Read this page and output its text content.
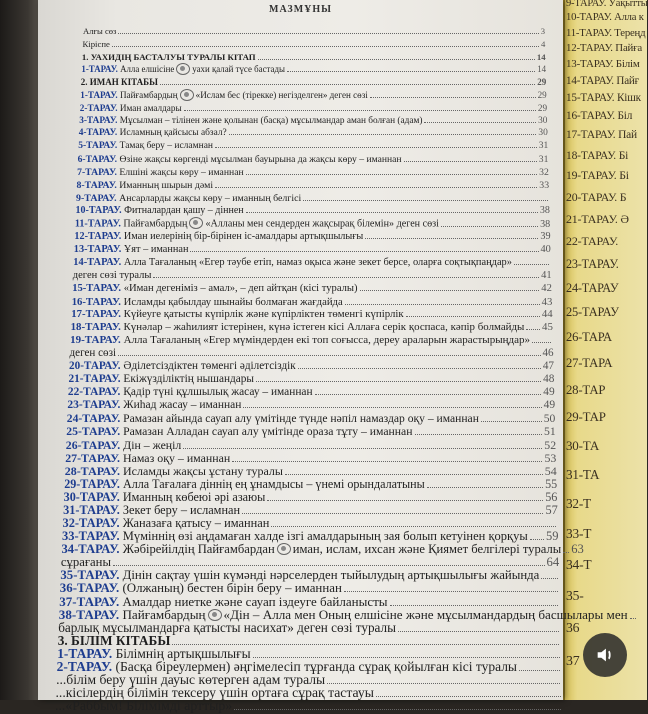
9-ТАРАУ. Уақытты
10-ТАРАУ. Алла к
11-ТАРАУ. Тереңд
12-ТАРАУ. Пайға
13-ТАРАУ. Білім
14-ТАРАУ. Пайғ
15-ТАРАУ. Кішк
16-ТАРАУ. Біл
17-ТАРАУ. Пай
18-ТАРАУ. Бі
19-ТАРАУ. Бі
20-ТАРАУ. Б
21-ТАРАУ. Ә
22-ТАРАУ.
23-ТАРАУ.
24-ТАРАУ
25-ТАРАУ
26-ТАРА
27-ТАРА
28-ТАР
29-ТАР
30-ТА
31-ТА
32-Т
33-Т
34-Т
35-
36
37
МАЗМҰНЫ
Алғы сөз	3
Кіріспе	4
1. УАХИДІҢ БАСТАЛУЫ ТУРАЛЫ КІТАП	14
1-ТАРАУ. Алла елшісіне уахи қалай түсе бастады	14
2. ИМАН КІТАБЫ	29
1-ТАРАУ. Пайғамбардың «Ислам бес (тірекке) негізделген» деген сөзі	29
2-ТАРАУ. Иман амалдары	29
3-ТАРАУ. Мұсылман – тілінен және қолынан (басқа) мұсылмандар аман болған (адам)	30
4-ТАРАУ. Исламның қайсысы абзал?	30
5-ТАРАУ. Тамақ беру – исламнан	31
6-ТАРАУ. Өзіне жақсы көргенді мұсылман бауырына да жақсы көру – иманнан	31
7-ТАРАУ. Елшіні жақсы көру – иманнан	32
8-ТАРАУ. Иманның шырын дәмі	33
9-ТАРАУ. Ансарларды жақсы көру – иманның белгісі
10-ТАРАУ. Фитналардан қашу – діннен	38
11-ТАРАУ. Пайғамбардың «Алланы мен сендерден жақсырақ білемін» деген сөзі	38
12-ТАРАУ. Иман иелерінің бір-бірінен іс-амалдары артықшылығы	39
13-ТАРАУ. Ұят – иманнан	40
14-ТАРАУ. Алла Тағаланың «Егер тәубе етіп, намаз оқыса және зекет берсе, оларға соқтықпаңдар»
деген сөзі туралы	41
15-ТАРАУ. «Иман дегеніміз – амал», – деп айтқан (кісі туралы)	42
16-ТАРАУ. Исламды қабылдау шынайы болмаған жағдайда	43
17-ТАРАУ. Күйеуге қатысты күпірлік және күпірліктен төменгі күпірлік	44
18-ТАРАУ. Күнәлар – жаһилият істерінен, күнә істеген кісі Аллаға серік қоспаса, кәпір болмайды 45
19-ТАРАУ. Алла Тағаланың «Егер мүміндерден екі топ соғысса, дереу араларын жарастырыңдар»
деген сөзі	46
20-ТАРАУ. Әділетсіздіктен төменгі әділетсіздік	47
21-ТАРАУ. Екіжүзділіктің нышандары	48
22-ТАРАУ. Қадір түні құлшылық жасау – иманнан	49
23-ТАРАУ. Жиһад жасау – иманнан	49
24-ТАРАУ. Рамазан айында сауап алу үмітінде түнде нәпіл намаздар оқу – иманнан	50
25-ТАРАУ. Рамазан Алладан сауап алу үмітінде ораза тұту – иманнан	51
26-ТАРАУ. Дін – жеңіл	52
27-ТАРАУ. Намаз оқу – иманнан	53
28-ТАРАУ. Исламды жақсы ұстану туралы	54
29-ТАРАУ. Алла Тағалаға діннің ең ұнамдысы – үнемі орындалатыны	55
30-ТАРАУ. Иманның көбеюі әрі азаюы	56
31-ТАРАУ. Зекет беру – исламнан	57
32-ТАРАУ. Жаназаға қатысу – иманнан
33-ТАРАУ. Мүміннің өзі аңдамаған халде ізгі амалдарының зая болып кетуінен қорқуы 59
34-ТАРАУ. Жәбірейілдің Пайғамбардан иман, ислам, ихсан және Қиямет белгілері туралы 63
сұрағаны	64
35-ТАРАУ. Дінін сақтау үшін күмәнді нәрселерден тыйылудың артықшылығы жайында
36-ТАРАУ. (Олжаның) бестен бірін беру – иманнан
37-ТАРАУ. Амалдар ниетке және сауап іздеуге байланысты
38-ТАРАУ. Пайғамбардың «Дін – Алла мен Оның елшісіне және мұсылмандардың басшылары мен
барлық мұсылмандарға қатысты насихат» деген сөзі туралы
3. БІЛІМ КІТАБЫ
1-ТАРАУ. Білімнің артықшылығы
2-ТАРАУ. (Басқа біреулермен) әңгімелесіп тұрғанда сұрақ қойылған кісі туралы
...білім беру үшін дауыс көтерген адам туралы
...кісілердің білімін тексеру үшін ортаға сұрақ тастауы
...«Раббым! Білімімді арттыр»
